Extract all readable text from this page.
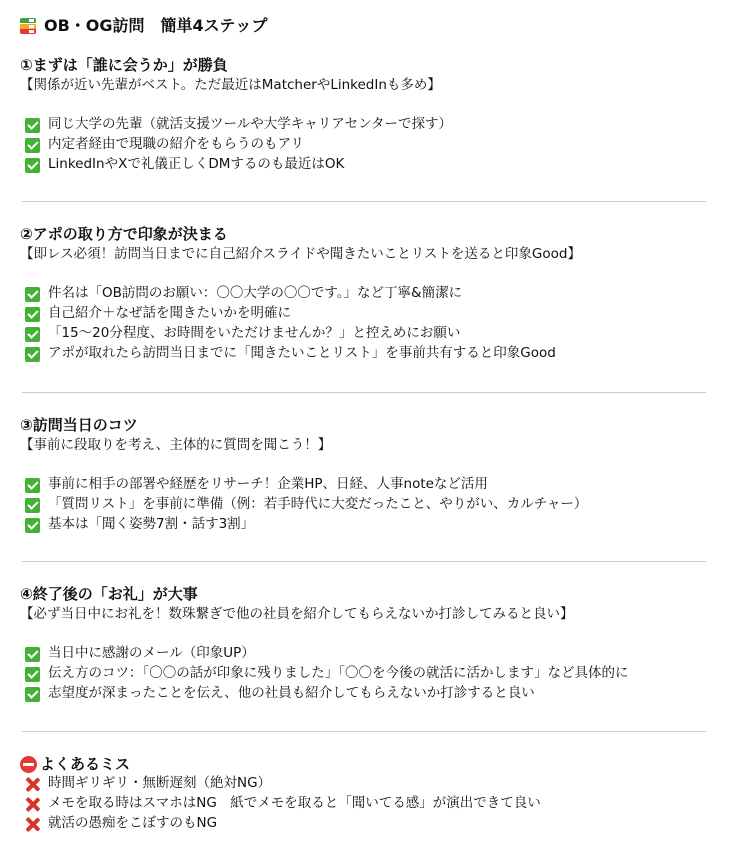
OB・OG訪問　簡単4ステップ
①まずは「誰に会うか」が勝負
【関係が近い先輩がベスト。ただ最近はMatcherやLinkedInも多め】
同じ大学の先輩（就活支援ツールや大学キャリアセンターで探す）
内定者経由で現職の紹介をもらうのもアリ
LinkedInやXで礼儀正しくDMするのも最近はOK
②アポの取り方で印象が決まる
【即レス必須！訪問当日までに自己紹介スライドや聞きたいことリストを送ると印象Good】
件名は「OB訪問のお願い：〇〇大学の〇〇です。」など丁寧&簡潔に
自己紹介＋なぜ話を聞きたいかを明確に
「15〜20分程度、お時間をいただけませんか？」と控えめにお願い
アポが取れたら訪問当日までに「聞きたいことリスト」を事前共有すると印象Good
③訪問当日のコツ
【事前に段取りを考え、主体的に質問を聞こう！】
事前に相手の部署や経歴をリサーチ！企業HP、日経、人事noteなど活用
「質問リスト」を事前に準備（例：若手時代に大変だったこと、やりがい、カルチャー）
基本は「聞く姿勢7割・話す3割」
④終了後の「お礼」が大事
【必ず当日中にお礼を！数珠繋ぎで他の社員を紹介してもらえないか打診してみると良い】
当日中に感謝のメール（印象UP）
伝え方のコツ：「〇〇の話が印象に残りました」「〇〇を今後の就活に活かします」など具体的に
志望度が深まったことを伝え、他の社員も紹介してもらえないか打診すると良い
よくあるミス
時間ギリギリ・無断遅刻（絶対NG）
メモを取る時はスマホはNG　紙でメモを取ると「聞いてる感」が演出できて良い
就活の愚痴をこぼすのもNG
